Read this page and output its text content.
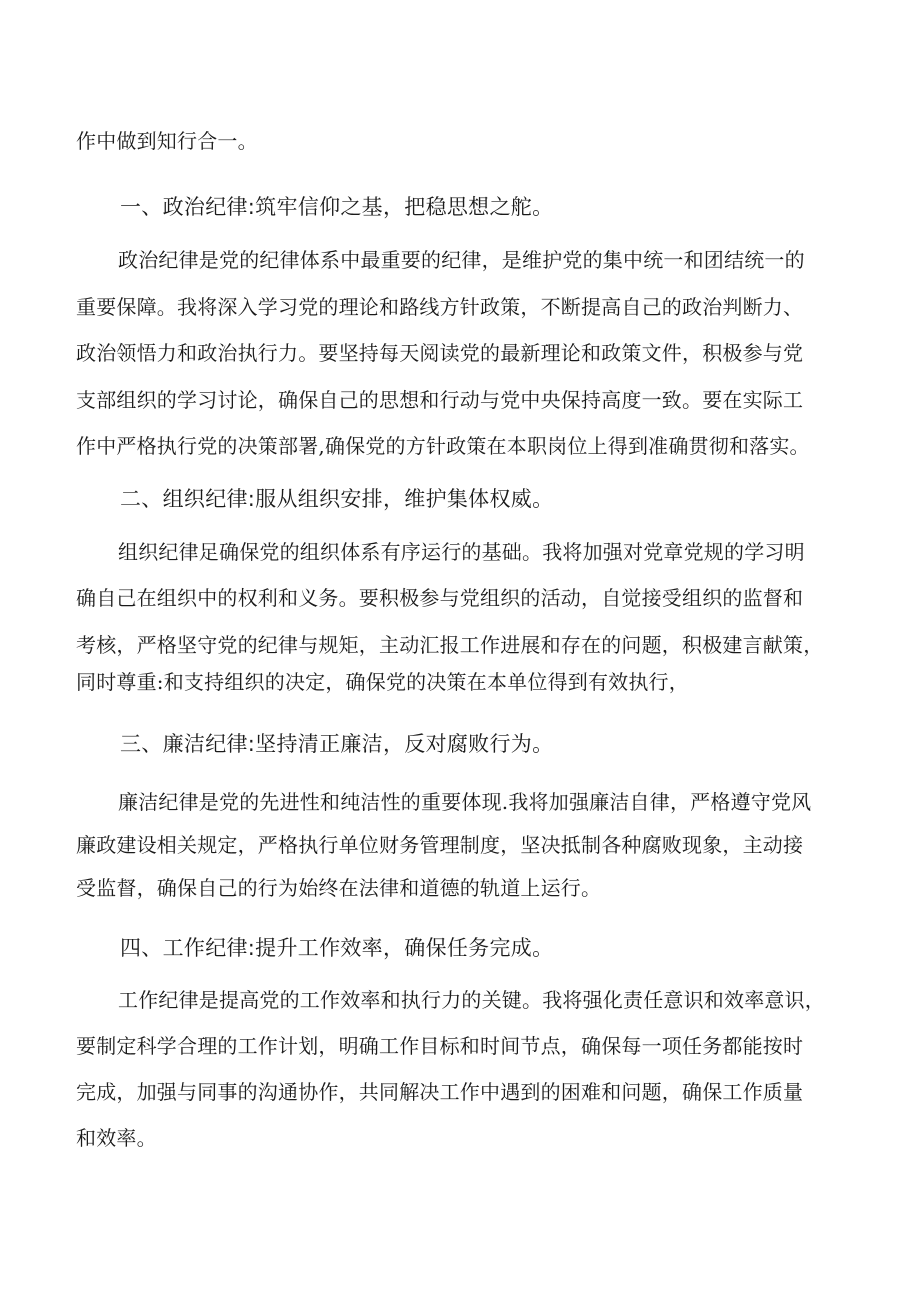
作中做到知行合一。
一、政治纪律:筑牢信仰之基，把稳思想之舵。
政治纪律是党的纪律体系中最重要的纪律，是维护党的集中统一和团结统一的
重要保障。我将深入学习党的理论和路线方针政策，不断提高自己的政治判断力、
政治领悟力和政治执行力。要坚持每天阅读党的最新理论和政策文件，积极参与党
支部组织的学习讨论，确保自己的思想和行动与党中央保持高度一致。要在实际工
作中严格执行党的决策部署,确保党的方针政策在本职岗位上得到准确贯彻和落实。
二、组织纪律:服从组织安排，维护集体权威。
组织纪律足确保党的组织体系有序运行的基础。我将加强对党章党规的学习明
确自己在组织中的权利和义务。要积极参与党组织的活动，自觉接受组织的监督和
考核，严格坚守党的纪律与规矩，主动汇报工作进展和存在的问题，积极建言献策，
同时尊重:和支持组织的决定，确保党的决策在本单位得到有效执行，
三、廉洁纪律:坚持清正廉洁，反对腐败行为。
廉洁纪律是党的先进性和纯洁性的重要体现.我将加强廉洁自律，严格遵守党风
廉政建设相关规定，严格执行单位财务管理制度，坚决抵制各种腐败现象，主动接
受监督，确保自己的行为始终在法律和道德的轨道上运行。
四、工作纪律:提升工作效率，确保任务完成。
工作纪律是提高党的工作效率和执行力的关键。我将强化责任意识和效率意识，
要制定科学合理的工作计划，明确工作目标和时间节点，确保每一项任务都能按时
完成，加强与同事的沟通协作，共同解决工作中遇到的困难和问题，确保工作质量
和效率。
